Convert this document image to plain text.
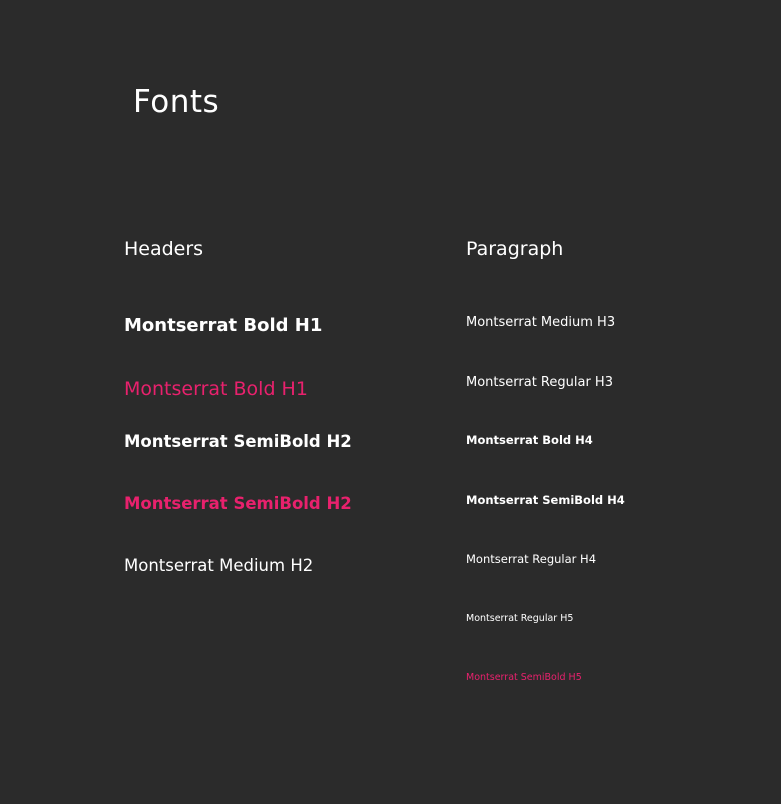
Fonts
Headers	Paragraph
Montserrat Bold H1
Montserrat Bold H1
Montserrat SemiBold H2
Montserrat SemiBold H2
Montserrat Medium H2
Montserrat Medium H3
Montserrat Regular H3
Montserrat Bold H4
Montserrat SemiBold H4
Montserrat Regular H4
Montserrat Regular H5
Montserrat SemiBold H5
